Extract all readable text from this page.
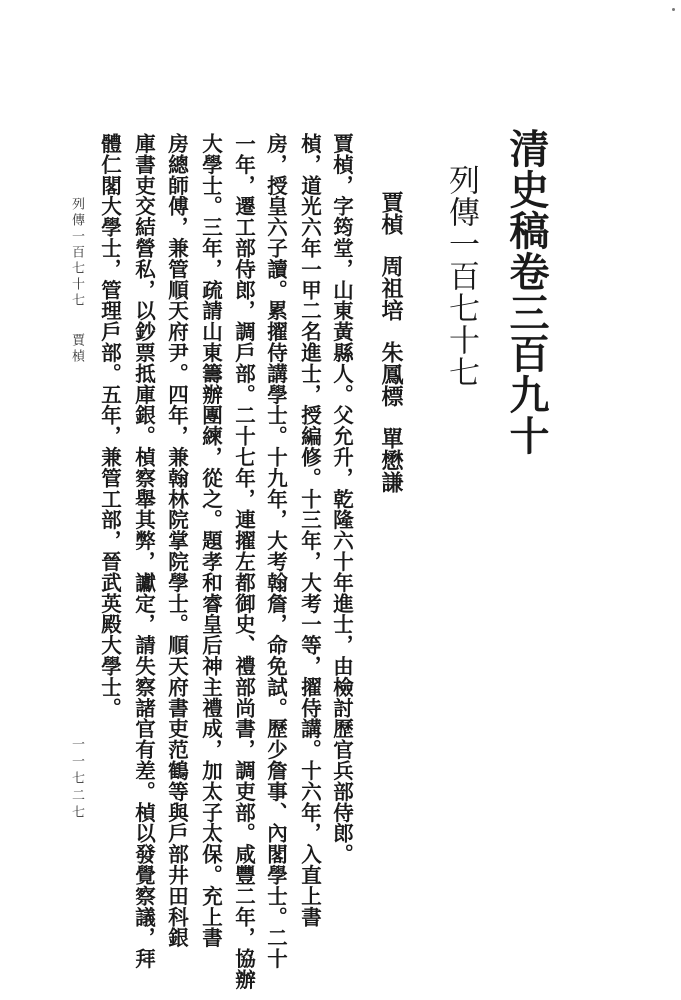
清史稿卷三百九十
列傳一百七十七
賈楨周祖培朱鳳標單懋謙
賈楨，字筠堂，山東黃縣人。父允升，乾隆六十年進士，由檢討歷官兵部侍郎。
楨，道光六年一甲二名進士，授編修。十三年，大考一等，擢侍講。十六年，入直上書
房，授皇六子讀。累擢侍講學士。十九年，大考翰詹，命免試。歷少詹事、內閣學士。二十
一年，遷工部侍郎，調戶部。二十七年，連擢左都御史、禮部尚書，調吏部。咸豐二年，協辦
大學士。三年，疏請山東籌辦團練，從之。題孝和睿皇后神主禮成，加太子太保。充上書
房總師傅，兼管順天府尹。四年，兼翰林院掌院學士。順天府書吏范鶴等與戶部井田科銀
庫書吏交結營私，以鈔票抵庫銀。楨察舉其弊，讞定，請失察諸官有差。楨以發覺察議，拜
體仁閣大學士，管理戶部。五年，兼管工部，晉武英殿大學士。
列傳一百七十七賈楨
一一七二七
